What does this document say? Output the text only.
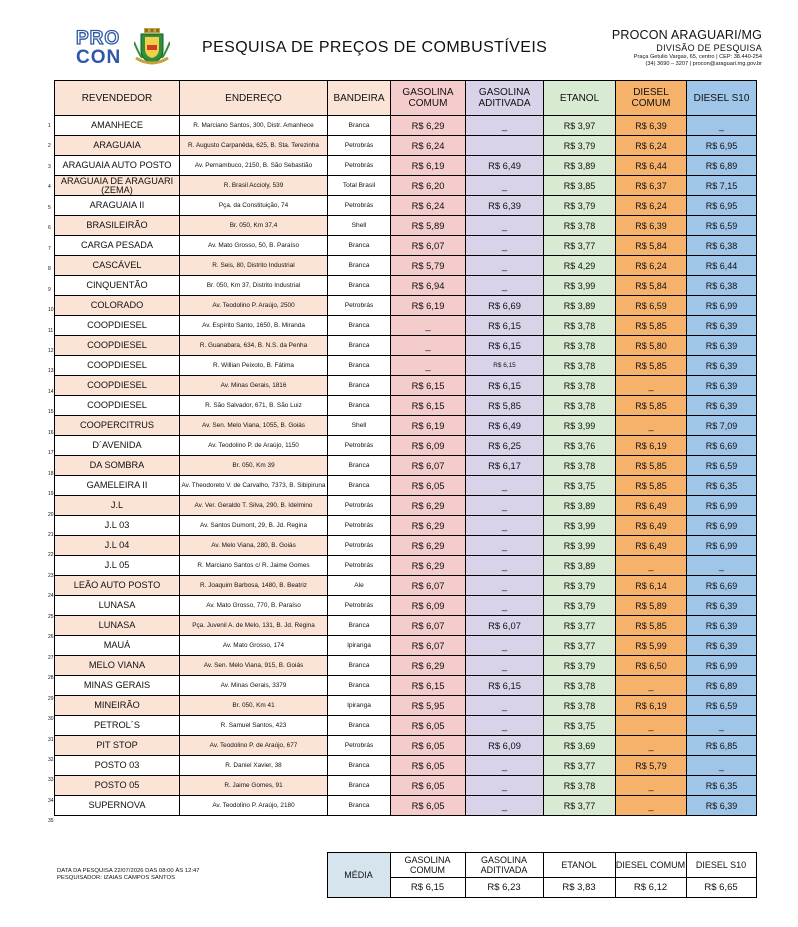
PRO
CON	PESQUISA DE PREÇOS DE COMBUSTÍVEIS
PROCON ARAGUARI/MG
DIVISÃO DE PESQUISA
Praça Getulio Vargas, 65, centro | CEP: 38.440-254
(34) 3690 – 3207 | procon@araguari.mg.gov.br
1
2
3
4
5
6
7
8
9
10
11
12
13
14
15
16
17
18
19
20
21
22
23
24
25
26
27
28
29
30
31
32
33
34
35
REVENDEDOR	ENDEREÇO	BANDEIRA	GASOLINA COMUM	GASOLINA ADITIVADA	ETANOL	DIESEL COMUM	DIESEL S10
AMANHECE	R. Marciano Santos, 300, Distr. Amanhece	Branca	R$ 6,29	_	R$ 3,97	R$ 6,39	_
ARAGUAIA	R. Augusto Carpanêda, 625, B. Sta. Terezinha	Petrobrás	R$ 6,24		R$ 3,79	R$ 6,24	R$ 6,95
ARAGUAIA AUTO POSTO	Av. Pernambuco, 2150, B. São Sebastião	Petrobrás	R$ 6,19	R$ 6,49	R$ 3,89	R$ 6,44	R$ 6,89
ARAGUAIA DE ARAGUARI (ZEMA)	R. Brasil Accioly, 539	Total Brasil	R$ 6,20	_	R$ 3,85	R$ 6,37	R$ 7,15
ARAGUAIA II	Pça. da Constituição, 74	Petrobrás	R$ 6,24	R$ 6,39	R$ 3,79	R$ 6,24	R$ 6,95
BRASILEIRÃO	Br. 050, Km 37,4	Shell	R$ 5,89	_	R$ 3,78	R$ 6,39	R$ 6,59
CARGA PESADA	Av. Mato Grosso, 50, B. Paraíso	Branca	R$ 6,07	_	R$ 3,77	R$ 5,84	R$ 6,38
CASCÁVEL	R. Seis, 80, Distrito Industrial	Branca	R$ 5,79	_	R$ 4,29	R$ 6,24	R$ 6,44
CINQUENTÃO	Br. 050, Km 37, Distrito Industrial	Branca	R$ 6,94	_	R$ 3,99	R$ 5,84	R$ 6,38
COLORADO	Av. Teodolino P. Araújo, 2500	Petrobrás	R$ 6,19	R$ 6,69	R$ 3,89	R$ 6,59	R$ 6,99
COOPDIESEL	Av. Espírito Santo, 1650, B. Miranda	Branca	_	R$ 6,15	R$ 3,78	R$ 5,85	R$ 6,39
COOPDIESEL	R. Guanabara, 634, B. N.S. da Penha	Branca	_	R$ 6,15	R$ 3,78	R$ 5,80	R$ 6,39
COOPDIESEL	R. Willian Peixoto, B. Fátima	Branca	_	R$ 6,15	R$ 3,78	R$ 5,85	R$ 6,39
COOPDIESEL	Av. Minas Gerais, 1816	Branca	R$ 6,15	R$ 6,15	R$ 3,78	_	R$ 6,39
COOPDIESEL	R. São Salvador, 671, B. São Luiz	Branca	R$ 6,15	R$ 5,85	R$ 3,78	R$ 5,85	R$ 6,39
COOPERCITRUS	Av. Sen. Melo Viana, 1055, B. Goiás	Shell	R$ 6,19	R$ 6,49	R$ 3,99	_	R$ 7,09
D´AVENIDA	Av. Teodolino P. de Araújo, 1150	Petrobrás	R$ 6,09	R$ 6,25	R$ 3,76	R$ 6,19	R$ 6,69
DA SOMBRA	Br. 050, Km 39	Branca	R$ 6,07	R$ 6,17	R$ 3,78	R$ 5,85	R$ 6,59
GAMELEIRA II	Av. Theodoreto V. de Carvalho, 7373, B. Sibipiruna	Branca	R$ 6,05	_	R$ 3,75	R$ 5,85	R$ 6,35
J.L	Av. Ver. Geraldo T. Silva, 290, B. Idelmino	Petrobrás	R$ 6,29	_	R$ 3,89	R$ 6,49	R$ 6,99
J.L 03	Av. Santos Dumont, 29, B. Jd. Regina	Petrobrás	R$ 6,29	_	R$ 3,99	R$ 6,49	R$ 6,99
J.L 04	Av. Melo Viana, 280, B. Goiás	Petrobrás	R$ 6,29	_	R$ 3,99	R$ 6,49	R$ 6,99
J.L 05	R. Marciano Santos c/ R. Jaime Gomes	Petrobrás	R$ 6,29	_	R$ 3,89	_	_
LEÃO AUTO POSTO	R. Joaquim Barbosa, 1480, B. Beatriz	Ale	R$ 6,07	_	R$ 3,79	R$ 6,14	R$ 6,69
LUNASA	Av. Mato Grosso, 770, B. Paraíso	Petrobrás	R$ 6,09	_	R$ 3,79	R$ 5,89	R$ 6,39
LUNASA	Pça. Juvenil A. de Melo, 131, B. Jd. Regina	Branca	R$ 6,07	R$ 6,07	R$ 3,77	R$ 5,85	R$ 6,39
MAUÁ	Av. Mato Grosso, 174	Ipiranga	R$ 6,07	_	R$ 3,77	R$ 5,99	R$ 6,39
MELO VIANA	Av. Sen. Melo Viana, 915, B. Goiás	Branca	R$ 6,29	_	R$ 3,79	R$ 6,50	R$ 6,99
MINAS GERAIS	Av. Minas Gerais, 3379	Branca	R$ 6,15	R$ 6,15	R$ 3,78	_	R$ 6,89
MINEIRÃO	Br. 050, Km 41	Ipiranga	R$ 5,95	_	R$ 3,78	R$ 6,19	R$ 6,59
PETROL´S	R. Samuel Santos, 423	Branca	R$ 6,05	_	R$ 3,75	_	_
PIT STOP	Av. Teodolino P. de Araújo, 677	Petrobrás	R$ 6,05	R$ 6,09	R$ 3,69	_	R$ 6,85
POSTO 03	R. Daniel Xavier, 38	Branca	R$ 6,05	_	R$ 3,77	R$ 5,79	_
POSTO 05	R. Jaime Gomes, 91	Branca	R$ 6,05	_	R$ 3,78	_	R$ 6,35
SUPERNOVA	Av. Teodolino P. Araújo, 2180	Branca	R$ 6,05	_	R$ 3,77	_	R$ 6,39
DATA DA PESQUISA 22/07/2026 DAS 08:00 ÀS 12:47
PESQUISADOR: IZAIAS CAMPOS SANTOS	MÉDIA	GASOLINA COMUM	GASOLINA ADITIVADA	ETANOL	DIESEL COMUM	DIESEL S10
		R$ 6,15	R$ 6,23	R$ 3,83	R$ 6,12	R$ 6,65
